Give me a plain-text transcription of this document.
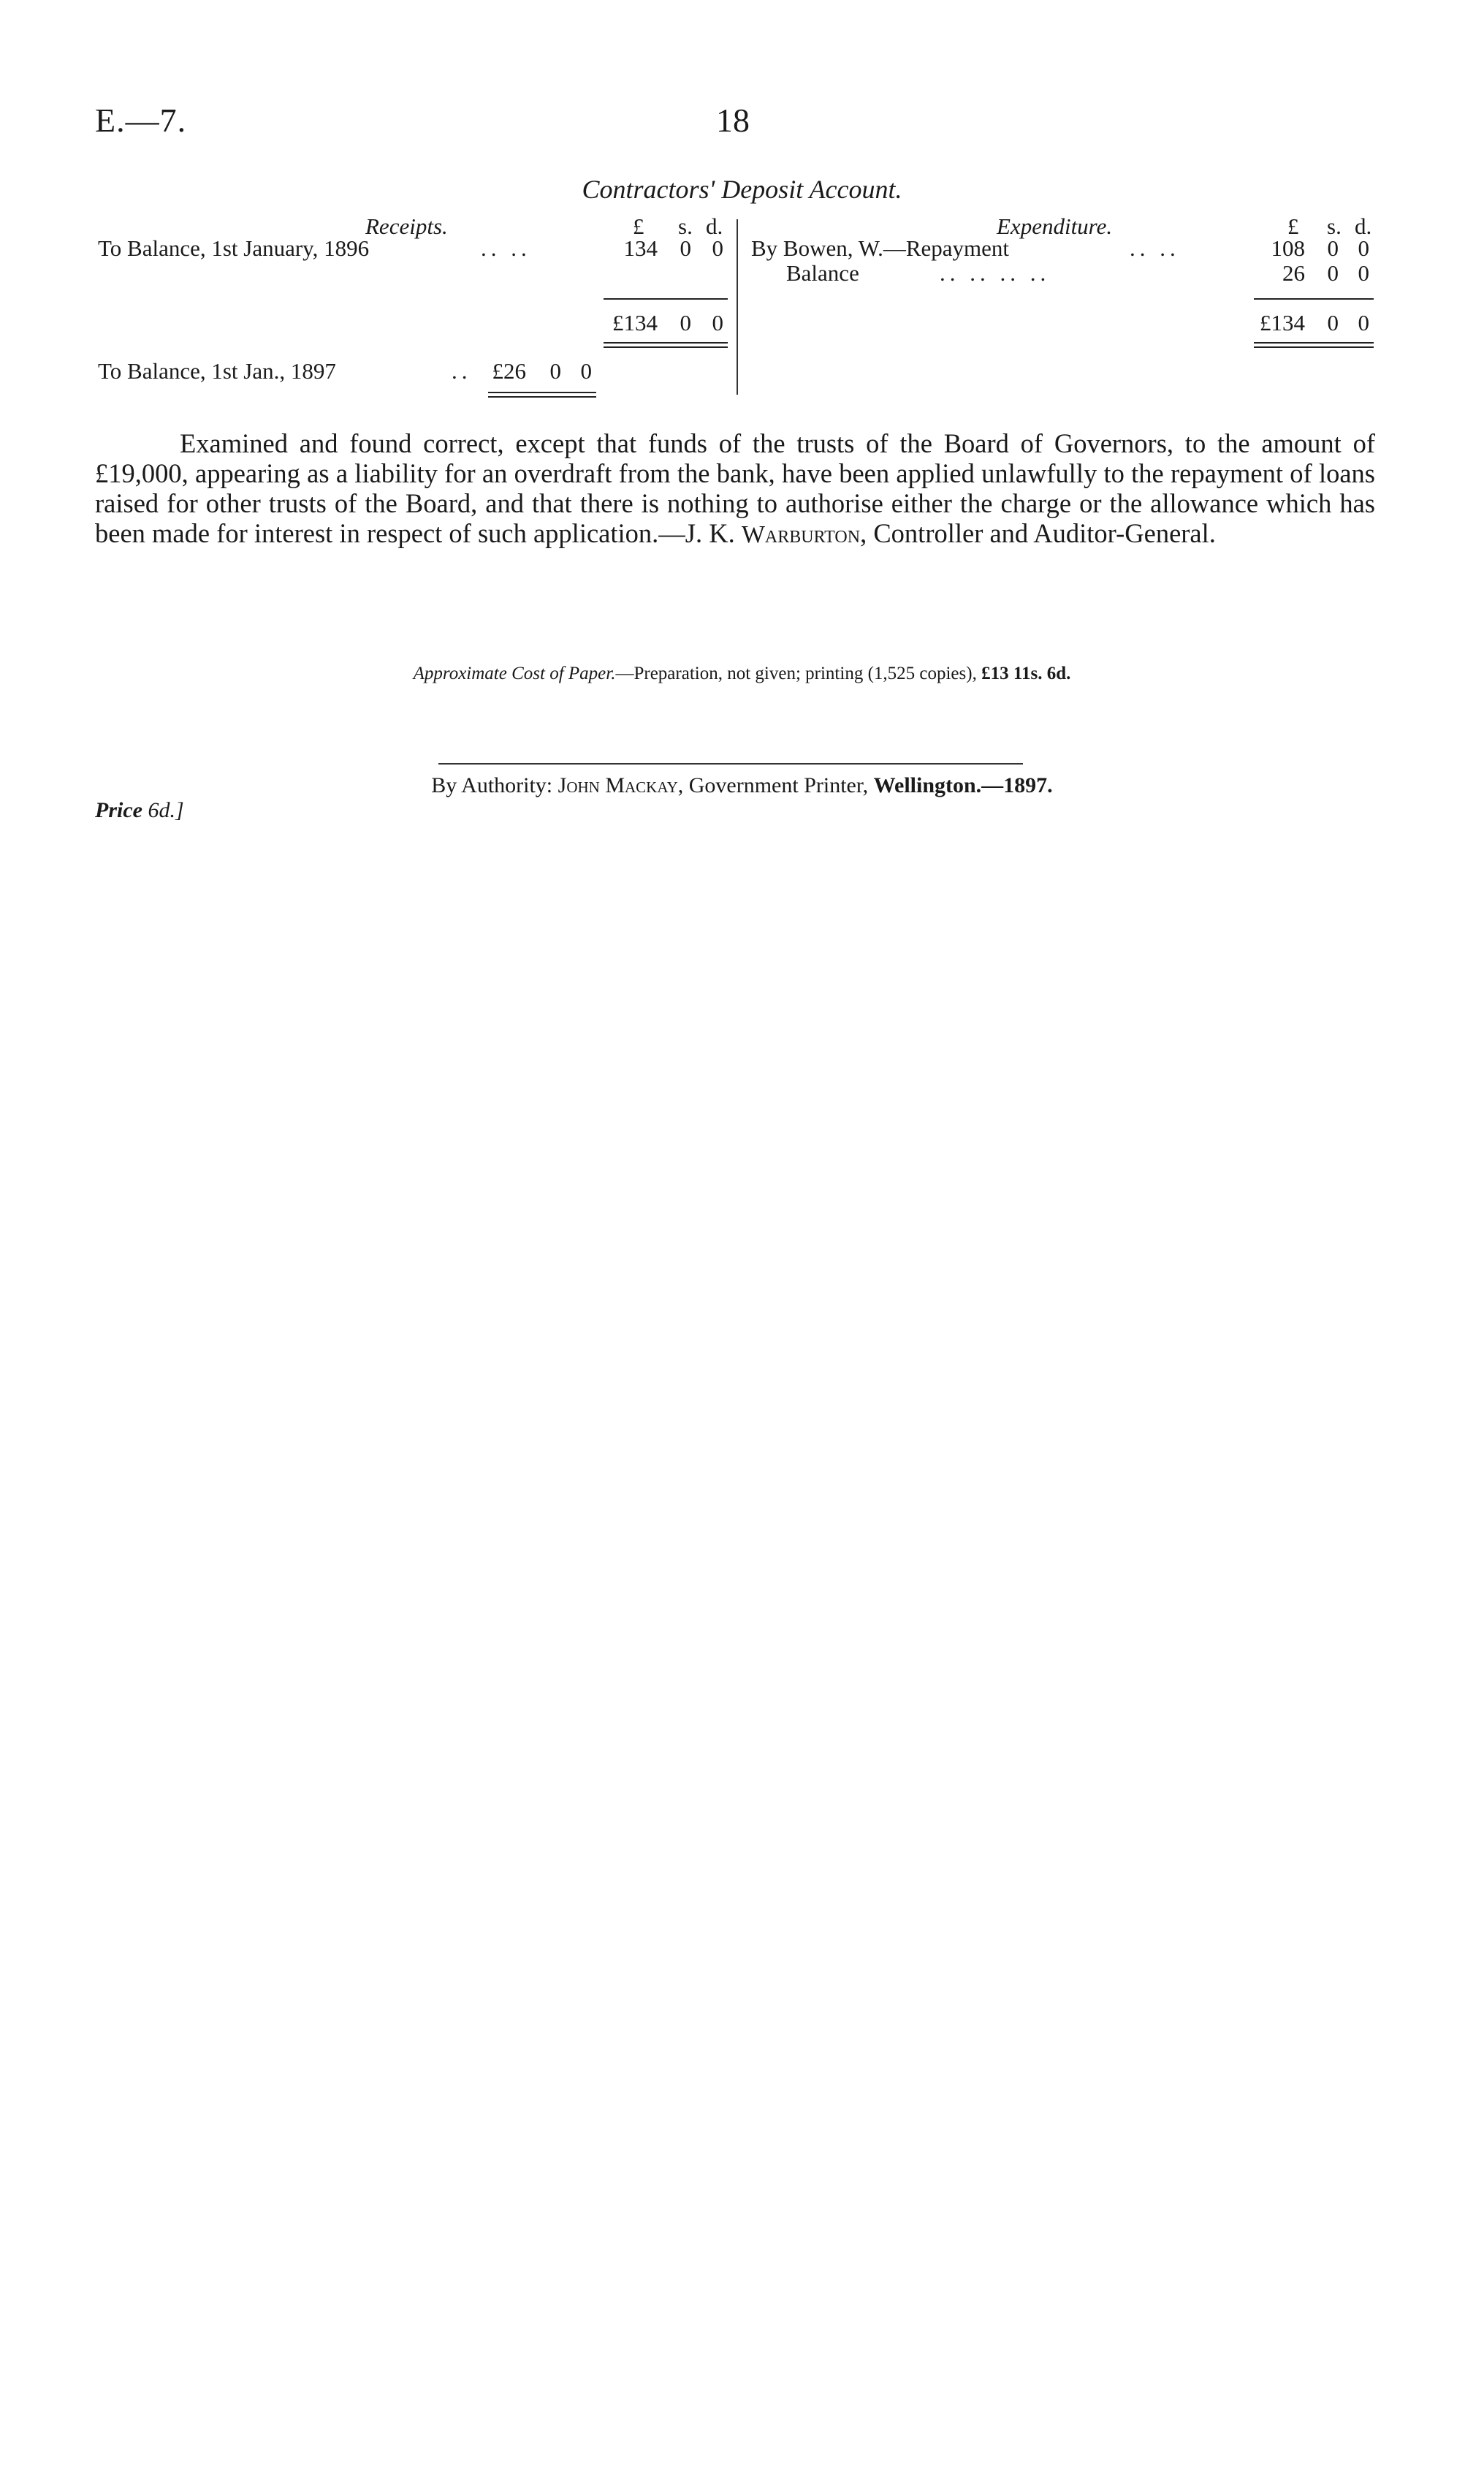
E.—7.	18
Contractors' Deposit Account.
Receipts.	£ s. d.
To Balance, 1st January, 1896	.. ..	134 0 0
£134 0 0
To Balance, 1st Jan., 1897	.. £26 0 0
Expenditure.	£ s. d.
By Bowen, W.—Repayment	.. ..	108 0 0
Balance	.. .. .. ..	26 0 0
£134 0 0
Examined and found correct, except that funds of the trusts of the Board of Governors, to the amount of £19,000, appearing as a liability for an overdraft from the bank, have been applied unlawfully to the repayment of loans raised for other trusts of the Board, and that there is nothing to authorise either the charge or the allowance which has been made for interest in respect of such application.—J. K. Warburton, Controller and Auditor-General.
Approximate Cost of Paper.—Preparation, not given; printing (1,525 copies), £13 11s. 6d.
By Authority: John Mackay, Government Printer, Wellington.—1897.
Price 6d.]
